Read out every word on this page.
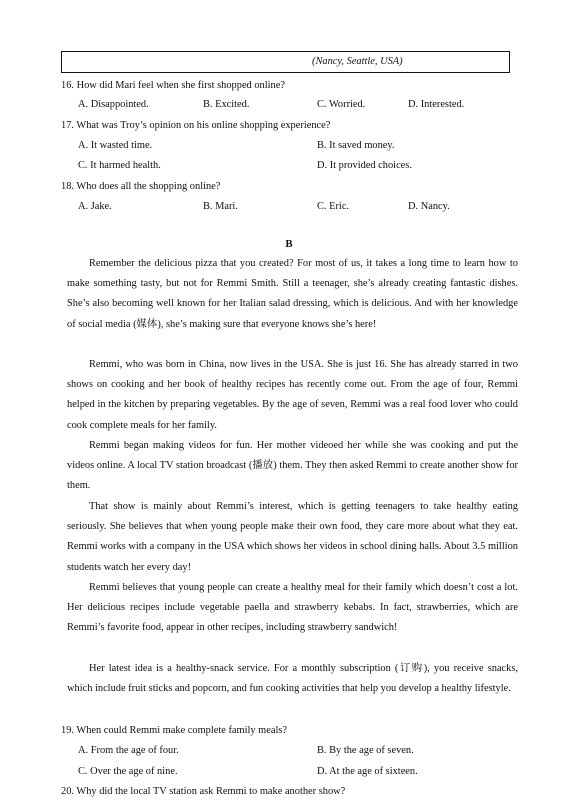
(Nancy, Seattle, USA)
16. How did Mari feel when she first shopped online?
A. Disappointed.	B. Excited.	C. Worried.	D. Interested.
17. What was Troy’s opinion on his online shopping experience?
A. It wasted time.	B. It saved money.
C. It harmed health.	D. It provided choices.
18. Who does all the shopping online?
A. Jake.	B. Mari.	C. Eric.	D. Nancy.
B

Remember the delicious pizza that you created? For most of us, it takes a long time to learn how to make something tasty, but not for Remmi Smith. Still a teenager, she’s already creating fantastic dishes. She’s also becoming well known for her Italian salad dressing, which is delicious. And with her knowledge of social media (媒体), she’s making sure that everyone knows she’s here!

Remmi, who was born in China, now lives in the USA. She is just 16. She has already starred in two shows on cooking and her book of healthy recipes has recently come out. From the age of four, Remmi helped in the kitchen by preparing vegetables. By the age of seven, Remmi was a real food lover who could cook complete meals for her family.

Remmi began making videos for fun. Her mother videoed her while she was cooking and put the videos online. A local TV station broadcast (播放) them. They then asked Remmi to create another show for them.

That show is mainly about Remmi’s interest, which is getting teenagers to take healthy eating seriously. She believes that when young people make their own food, they care more about what they eat. Remmi works with a company in the USA which shows her videos in school dining halls. About 3.5 million students watch her every day!

Remmi believes that young people can create a healthy meal for their family which doesn’t cost a lot. Her delicious recipes include vegetable paella and strawberry kebabs. In fact, strawberries, which are Remmi’s favorite food, appear in other recipes, including strawberry sandwich!

Her latest idea is a healthy-snack service. For a monthly subscription (订购), you receive snacks, which include fruit sticks and popcorn, and fun cooking activities that help you develop a healthy lifestyle.

19. When could Remmi make complete family meals?
A. From the age of four.	B. By the age of seven.
C. Over the age of nine.	D. At the age of sixteen.
20. Why did the local TV station ask Remmi to make another show?
